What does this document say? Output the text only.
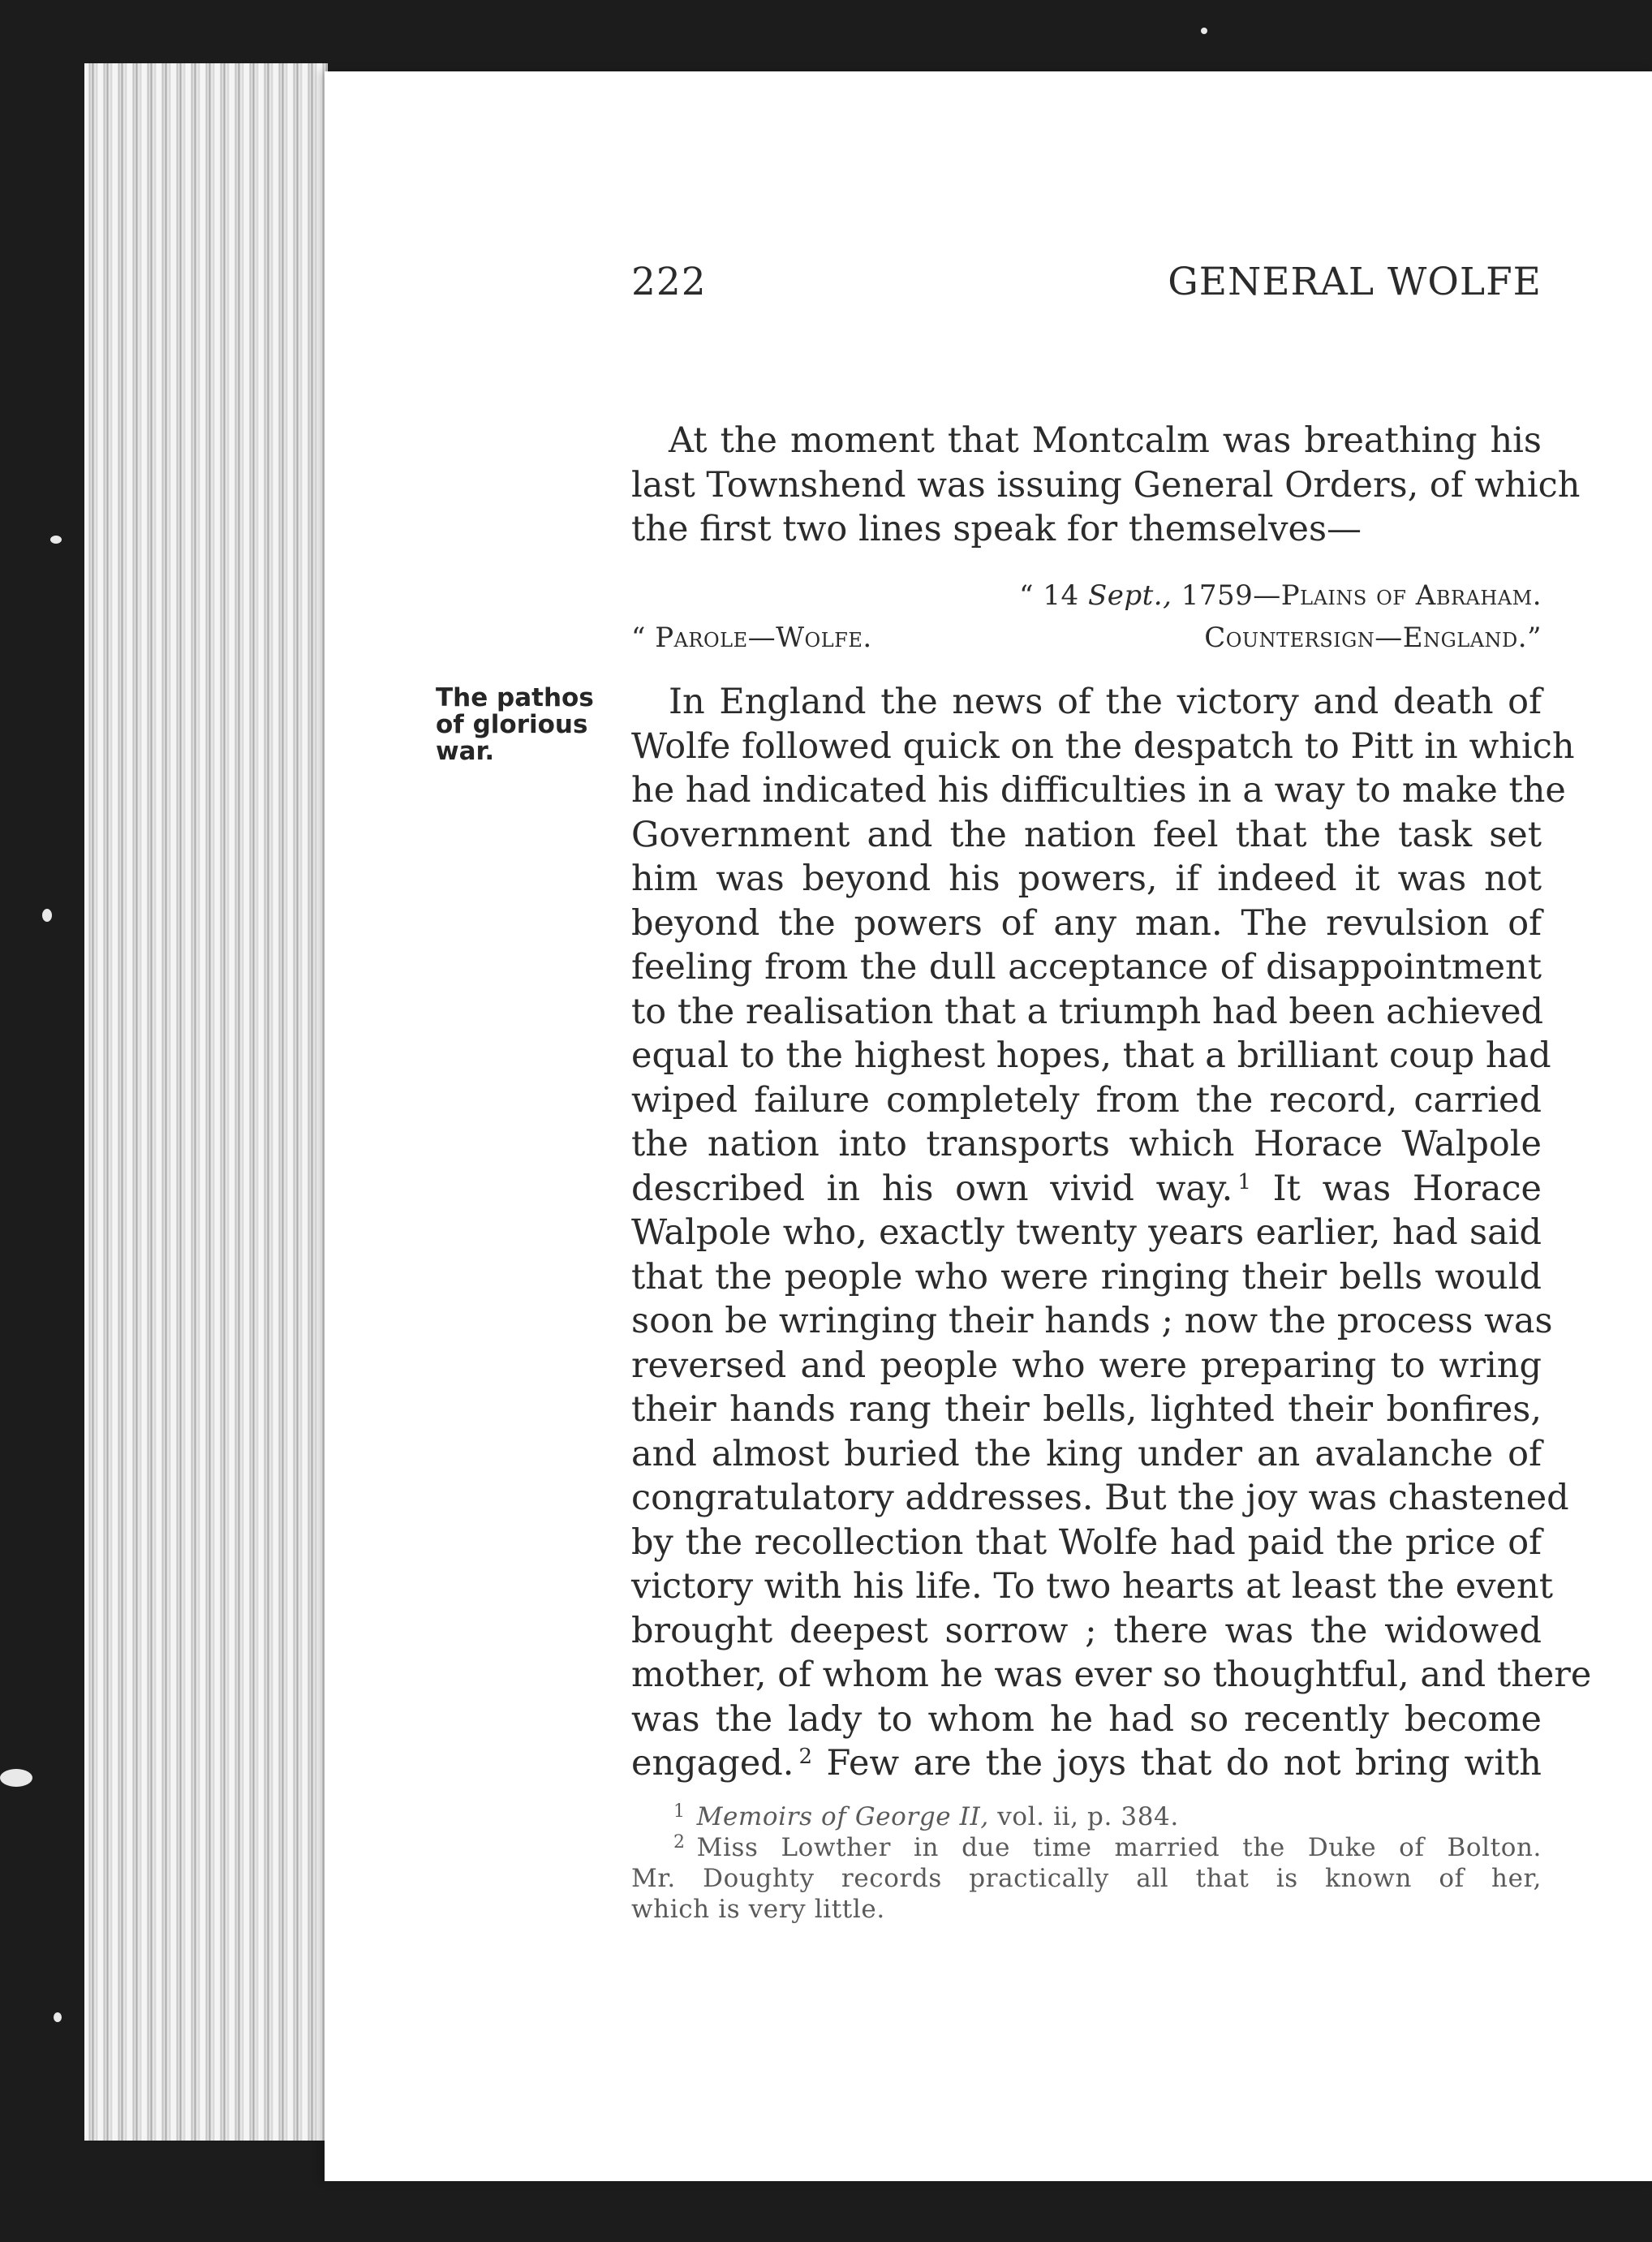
222	GENERAL WOLFE
At the moment that Montcalm was breathing his
last Townshend was issuing General Orders, of which
the first two lines speak for themselves—
“ 14 Sept., 1759—Plains of Abraham.
“ Parole—Wolfe.	Countersign—England.”
The pathos
of glorious
war.
In England the news of the victory and death of
Wolfe followed quick on the despatch to Pitt in which
he had indicated his difficulties in a way to make the
Government and the nation feel that the task set
him was beyond his powers, if indeed it was not
beyond the powers of any man. The revulsion of
feeling from the dull acceptance of disappointment
to the realisation that a triumph had been achieved
equal to the highest hopes, that a brilliant coup had
wiped failure completely from the record, carried
the nation into transports which Horace Walpole
described in his own vivid way. $^1$ It was Horace
Walpole who, exactly twenty years earlier, had said
that the people who were ringing their bells would
soon be wringing their hands ; now the process was
reversed and people who were preparing to wring
their hands rang their bells, lighted their bonfires,
and almost buried the king under an avalanche of
congratulatory addresses. But the joy was chastened
by the recollection that Wolfe had paid the price of
victory with his life. To two hearts at least the event
brought deepest sorrow ; there was the widowed
mother, of whom he was ever so thoughtful, and there
was the lady to whom he had so recently become
engaged. $^2$ Few are the joys that do not bring with
$^1$ Memoirs of George II, vol. ii, p. 384.
$^2$ Miss Lowther in due time married the Duke of Bolton.
Mr. Doughty records practically all that is known of her,
which is very little.
